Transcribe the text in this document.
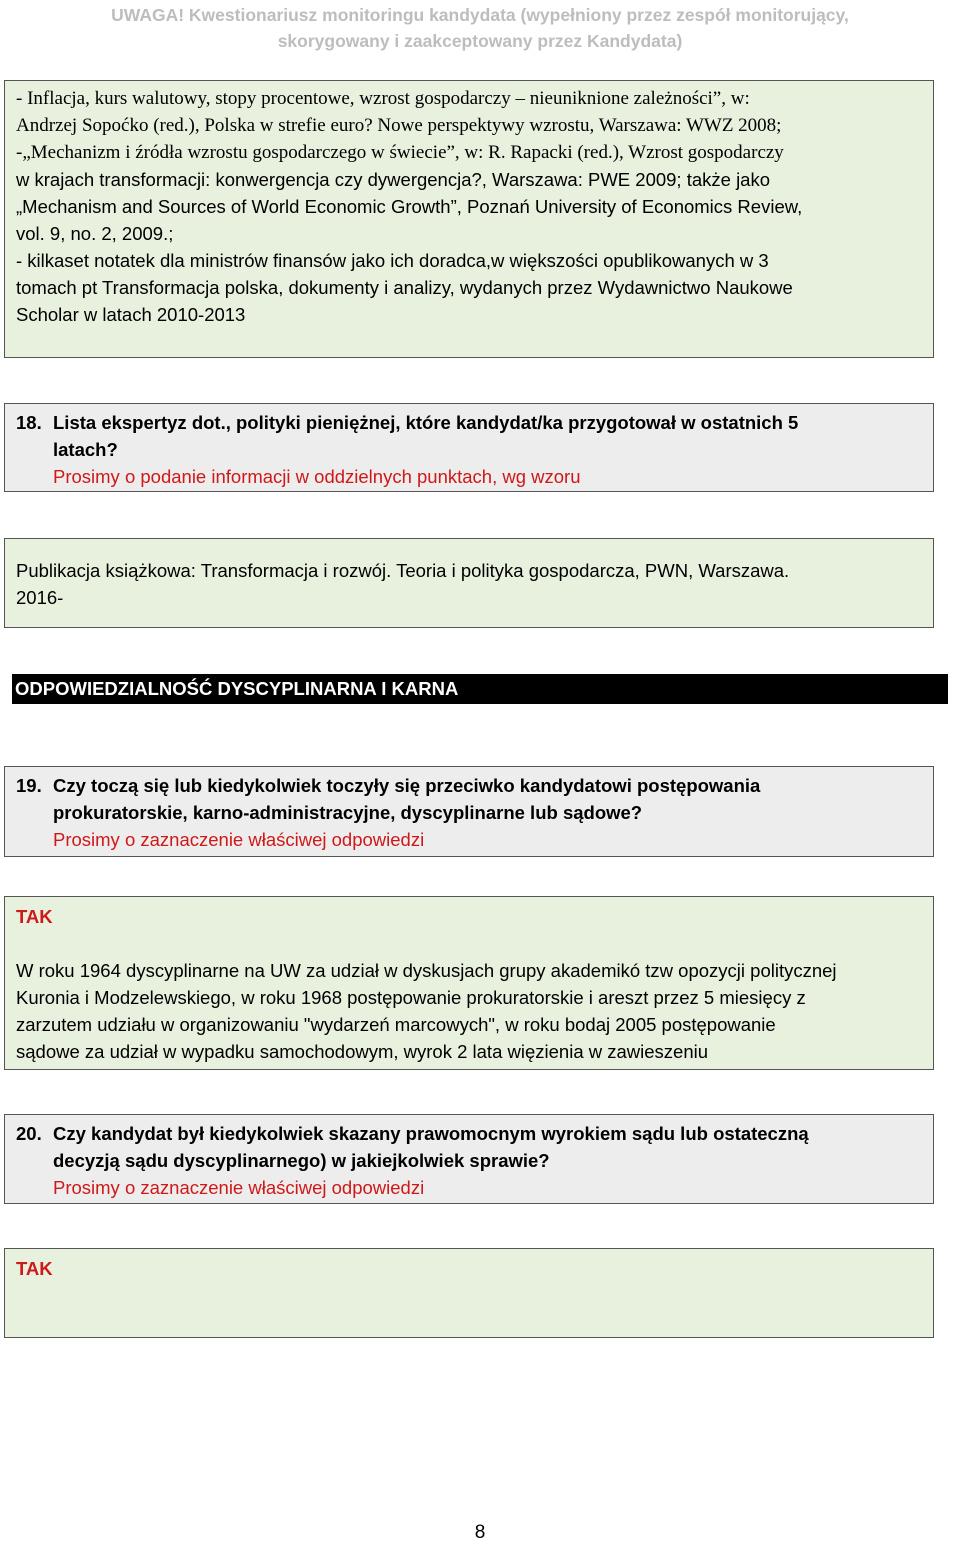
UWAGA! Kwestionariusz monitoringu kandydata (wypełniony przez zespół monitorujący,
skorygowany i zaakceptowany przez Kandydata)
- Inflacja, kurs walutowy, stopy procentowe, wzrost gospodarczy – nieuniknione zależności”, w:
Andrzej Sopoćko (red.), Polska w strefie euro? Nowe perspektywy wzrostu, Warszawa: WWZ 2008;
-„Mechanizm i źródła wzrostu gospodarczego w świecie”, w: R. Rapacki (red.), Wzrost gospodarczy
w krajach transformacji: konwergencja czy dywergencja?, Warszawa: PWE 2009; także jako
„Mechanism and Sources of World Economic Growth”, Poznań University of Economics Review,
vol. 9, no. 2, 2009.;
- kilkaset notatek dla ministrów finansów jako ich doradca,w większości opublikowanych w 3
tomach pt Transformacja polska, dokumenty i analizy, wydanych przez Wydawnictwo Naukowe
Scholar w latach 2010-2013
18. Lista ekspertyz dot., polityki pieniężnej, które kandydat/ka przygotował w ostatnich 5
latach?
Prosimy o podanie informacji w oddzielnych punktach, wg wzoru
Publikacja książkowa: Transformacja i rozwój. Teoria i polityka gospodarcza, PWN, Warszawa.
2016-
ODPOWIEDZIALNOŚĆ DYSCYPLINARNA I KARNA
19. Czy toczą się lub kiedykolwiek toczyły się przeciwko kandydatowi postępowania
prokuratorskie, karno-administracyjne, dyscyplinarne lub sądowe?
Prosimy o zaznaczenie właściwej odpowiedzi
TAK
W roku 1964 dyscyplinarne na UW za udział w dyskusjach grupy akademikó tzw opozycji politycznej
Kuronia i Modzelewskiego, w roku 1968 postępowanie prokuratorskie i areszt przez 5 miesięcy z
zarzutem udziału w organizowaniu "wydarzeń marcowych", w roku bodaj 2005 postępowanie
sądowe za udział w wypadku samochodowym, wyrok 2 lata więzienia w zawieszeniu
20. Czy kandydat był kiedykolwiek skazany prawomocnym wyrokiem sądu lub ostateczną
decyzją sądu dyscyplinarnego) w jakiejkolwiek sprawie?
Prosimy o zaznaczenie właściwej odpowiedzi
TAK
8
